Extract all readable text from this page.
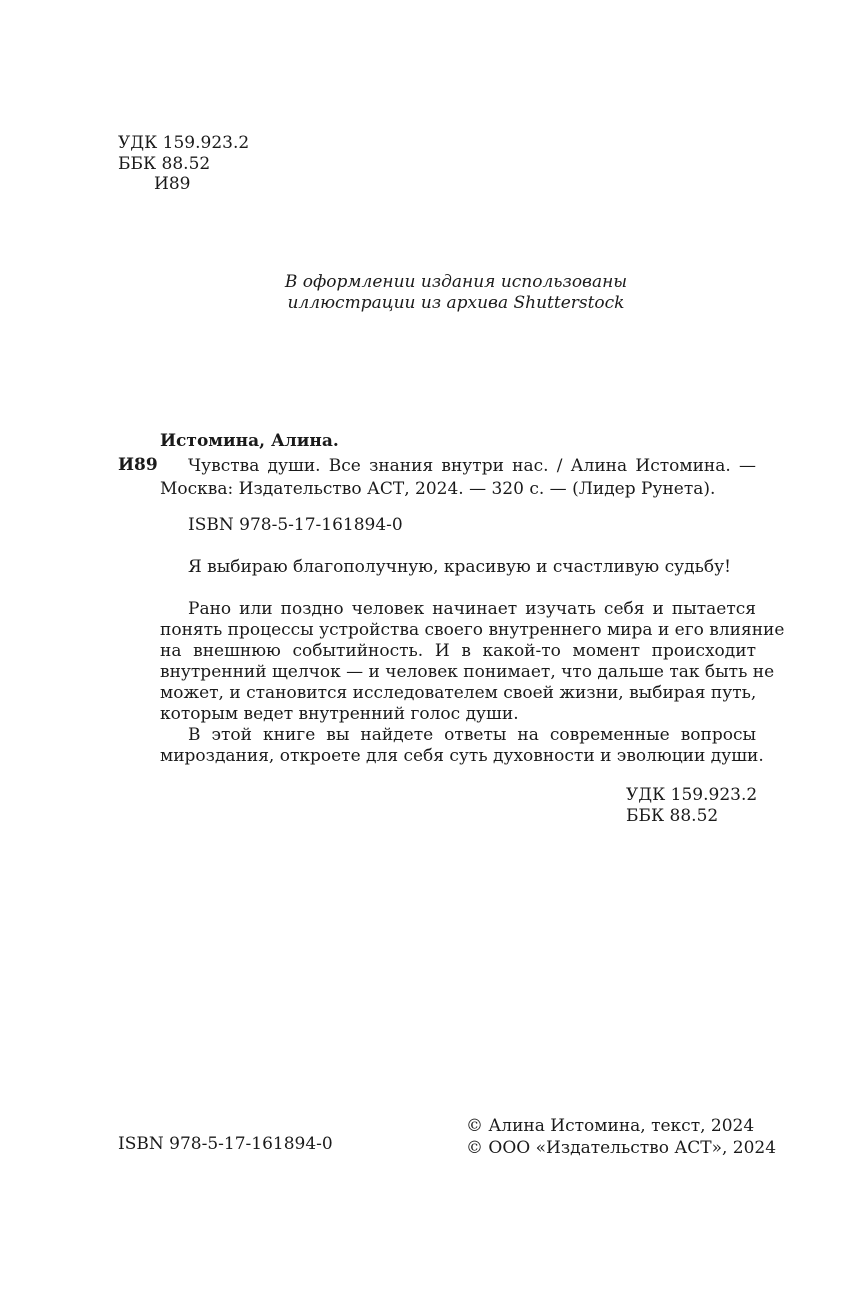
УДК 159.923.2
ББК 88.52
И89
В оформлении издания использованы
иллюстрации из архива Shutterstock
Истомина, Алина.
И89	Чувства души. Все знания внутри нас. / Алина Истомина. —
Москва: Издательство АСТ, 2024. — 320 с. — (Лидер Рунета).
ISBN 978-5-17-161894-0
Я выбираю благополучную, красивую и счастливую судьбу!
Рано или поздно человек начинает изучать себя и пытается
понять процессы устройства своего внутреннего мира и его влияние
на внешнюю событийность. И в какой-то момент происходит
внутренний щелчок — и человек понимает, что дальше так быть не
может, и становится исследователем своей жизни, выбирая путь,
которым ведет внутренний голос души.
В этой книге вы найдете ответы на современные вопросы
мироздания, откроете для себя суть духовности и эволюции души.
УДК 159.923.2
ББК 88.52
ISBN 978-5-17-161894-0
© Алина Истомина, текст, 2024
© ООО «Издательство АСТ», 2024
